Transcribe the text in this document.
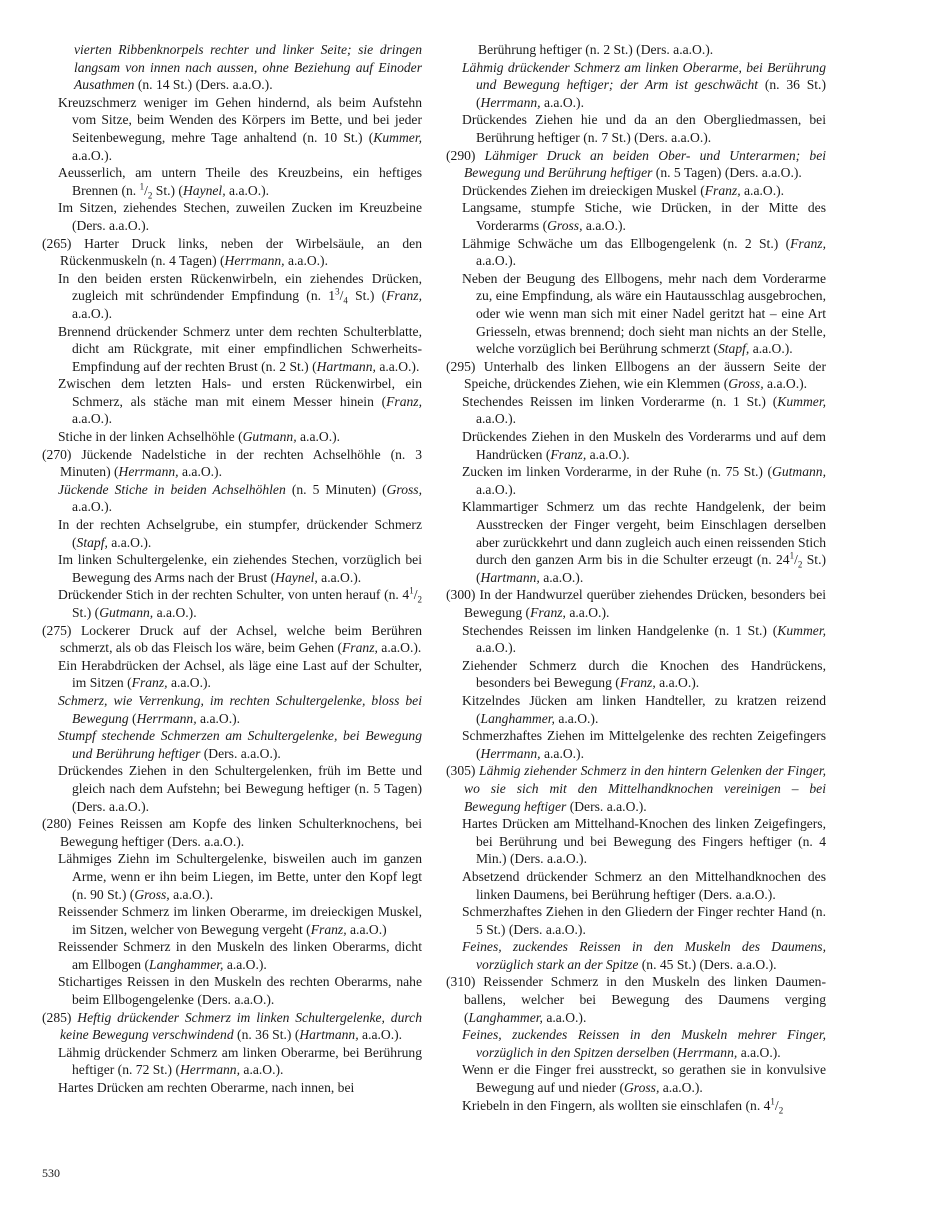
vierten Ribbenknorpels rechter und linker Seite; sie dringen langsam von innen nach aussen, ohne Beziehung auf Einoder Ausathmen (n. 14 St.) (Ders. a.a.O.).
Kreuzschmerz weniger im Gehen hindernd, als beim Aufstehn vom Sitze, beim Wenden des Körpers im Bette, und bei jeder Seitenbewegung, mehre Tage anhaltend (n. 10 St.) (Kummer, a.a.O.).
Aeusserlich, am untern Theile des Kreuzbeins, ein heftiges Brennen (n. $^1/_2$ St.) (Haynel, a.a.O.).
Im Sitzen, ziehendes Stechen, zuweilen Zucken im Kreuzbeine (Ders. a.a.O.).
(265) Harter Druck links, neben der Wirbelsäule, an den Rückenmuskeln (n. 4 Tagen) (Herrmann, a.a.O.).
In den beiden ersten Rückenwirbeln, ein ziehendes Drücken, zugleich mit schründender Empfindung (n. $1^3/_4$ St.) (Franz, a.a.O.).
Brennend drückender Schmerz unter dem rechten Schulterblatte, dicht am Rückgrate, mit einer empfindlichen Schwerheits-Empfindung auf der rechten Brust (n. 2 St.) (Hartmann, a.a.O.).
Zwischen dem letzten Hals- und ersten Rückenwirbel, ein Schmerz, als stäche man mit einem Messer hinein (Franz, a.a.O.).
Stiche in der linken Achselhöhle (Gutmann, a.a.O.).
(270) Jückende Nadelstiche in der rechten Achselhöhle (n. 3 Minuten) (Herrmann, a.a.O.).
Jückende Stiche in beiden Achselhöhlen (n. 5 Minuten) (Gross, a.a.O.).
In der rechten Achselgrube, ein stumpfer, drückender Schmerz (Stapf, a.a.O.).
Im linken Schultergelenke, ein ziehendes Stechen, vorzüglich bei Bewegung des Arms nach der Brust (Haynel, a.a.O.).
Drückender Stich in der rechten Schulter, von unten herauf (n. $4^1/_2$ St.) (Gutmann, a.a.O.).
(275) Lockerer Druck auf der Achsel, welche beim Berühren schmerzt, als ob das Fleisch los wäre, beim Gehen (Franz, a.a.O.).
Ein Herabdrücken der Achsel, als läge eine Last auf der Schulter, im Sitzen (Franz, a.a.O.).
Schmerz, wie Verrenkung, im rechten Schultergelenke, bloss bei Bewegung (Herrmann, a.a.O.).
Stumpf stechende Schmerzen am Schultergelenke, bei Bewegung und Berührung heftiger (Ders. a.a.O.).
Drückendes Ziehen in den Schultergelenken, früh im Bette und gleich nach dem Aufstehn; bei Bewegung heftiger (n. 5 Tagen) (Ders. a.a.O.).
(280) Feines Reissen am Kopfe des linken Schulterknochens, bei Bewegung heftiger (Ders. a.a.O.).
Lähmiges Ziehn im Schultergelenke, bisweilen auch im ganzen Arme, wenn er ihn beim Liegen, im Bette, unter den Kopf legt (n. 90 St.) (Gross, a.a.O.).
Reissender Schmerz im linken Oberarme, im dreieckigen Muskel, im Sitzen, welcher von Bewegung vergeht (Franz, a.a.O.)
Reissender Schmerz in den Muskeln des linken Oberarms, dicht am Ellbogen (Langhammer, a.a.O.).
Stichartiges Reissen in den Muskeln des rechten Oberarms, nahe beim Ellbogengelenke (Ders. a.a.O.).
(285) Heftig drückender Schmerz im linken Schultergelenke, durch keine Bewegung verschwindend (n. 36 St.) (Hartmann, a.a.O.).
Lähmig drückender Schmerz am linken Oberarme, bei Berührung heftiger (n. 72 St.) (Herrmann, a.a.O.).
Hartes Drücken am rechten Oberarme, nach innen, bei
Berührung heftiger (n. 2 St.) (Ders. a.a.O.).
Lähmig drückender Schmerz am linken Oberarme, bei Berührung und Bewegung heftiger; der Arm ist geschwächt (n. 36 St.) (Herrmann, a.a.O.).
Drückendes Ziehen hie und da an den Obergliedmassen, bei Berührung heftiger (n. 7 St.) (Ders. a.a.O.).
(290) Lähmiger Druck an beiden Ober- und Unterarmen; bei Bewegung und Berührung heftiger (n. 5 Tagen) (Ders. a.a.O.).
Drückendes Ziehen im dreieckigen Muskel (Franz, a.a.O.).
Langsame, stumpfe Stiche, wie Drücken, in der Mitte des Vorderarms (Gross, a.a.O.).
Lähmige Schwäche um das Ellbogengelenk (n. 2 St.) (Franz, a.a.O.).
Neben der Beugung des Ellbogens, mehr nach dem Vorderarme zu, eine Empfindung, als wäre ein Hautausschlag ausgebrochen, oder wie wenn man sich mit einer Nadel geritzt hat – eine Art Griesseln, etwas brennend; doch sieht man nichts an der Stelle, welche vorzüglich bei Berührung schmerzt (Stapf, a.a.O.).
(295) Unterhalb des linken Ellbogens an der äussern Seite der Speiche, drückendes Ziehen, wie ein Klemmen (Gross, a.a.O.).
Stechendes Reissen im linken Vorderarme (n. 1 St.) (Kummer, a.a.O.).
Drückendes Ziehen in den Muskeln des Vorderarms und auf dem Handrücken (Franz, a.a.O.).
Zucken im linken Vorderarme, in der Ruhe (n. 75 St.) (Gutmann, a.a.O.).
Klammartiger Schmerz um das rechte Handgelenk, der beim Ausstrecken der Finger vergeht, beim Einschlagen derselben aber zurückkehrt und dann zugleich auch einen reissenden Stich durch den ganzen Arm bis in die Schulter erzeugt (n. $24^1/_2$ St.) (Hartmann, a.a.O.).
(300) In der Handwurzel querüber ziehendes Drücken, besonders bei Bewegung (Franz, a.a.O.).
Stechendes Reissen im linken Handgelenke (n. 1 St.) (Kummer, a.a.O.).
Ziehender Schmerz durch die Knochen des Handrückens, besonders bei Bewegung (Franz, a.a.O.).
Kitzelndes Jücken am linken Handteller, zu kratzen reizend (Langhammer, a.a.O.).
Schmerzhaftes Ziehen im Mittelgelenke des rechten Zeigefingers (Herrmann, a.a.O.).
(305) Lähmig ziehender Schmerz in den hintern Gelenken der Finger, wo sie sich mit den Mittelhandknochen vereinigen – bei Bewegung heftiger (Ders. a.a.O.).
Hartes Drücken am Mittelhand-Knochen des linken Zeigefingers, bei Berührung und bei Bewegung des Fingers heftiger (n. 4 Min.) (Ders. a.a.O.).
Absetzend drückender Schmerz an den Mittelhandknochen des linken Daumens, bei Berührung heftiger (Ders. a.a.O.).
Schmerzhaftes Ziehen in den Gliedern der Finger rechter Hand (n. 5 St.) (Ders. a.a.O.).
Feines, zuckendes Reissen in den Muskeln des Daumens, vorzüglich stark an der Spitze (n. 45 St.) (Ders. a.a.O.).
(310) Reissender Schmerz in den Muskeln des linken Daumenballens, welcher bei Bewegung des Daumens verging (Langhammer, a.a.O.).
Feines, zuckendes Reissen in den Muskeln mehrer Finger, vorzüglich in den Spitzen derselben (Herrmann, a.a.O.).
Wenn er die Finger frei ausstreckt, so gerathen sie in konvulsive Bewegung auf und nieder (Gross, a.a.O.).
Kriebeln in den Fingern, als wollten sie einschlafen (n. $4^1/_2$
530
